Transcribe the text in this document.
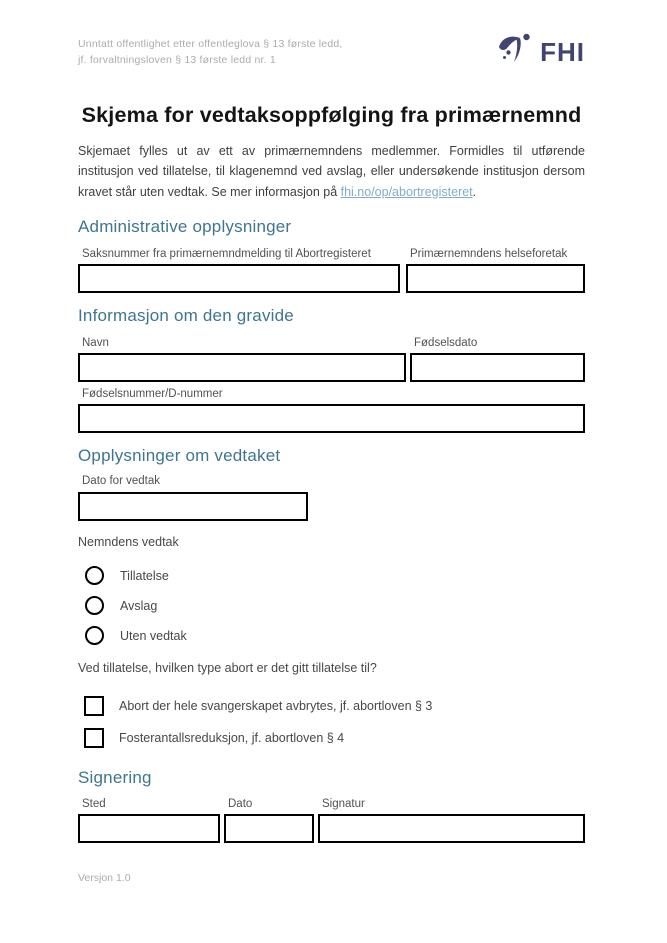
Unntatt offentlighet etter offentleglova § 13 første ledd,
jf. forvaltningsloven § 13 første ledd nr. 1	FHI
Skjema for vedtaksoppfølging fra primærnemnd

Skjemaet fylles ut av ett av primærnemndens medlemmer. Formidles til utførende institusjon ved tillatelse, til klagenemnd ved avslag, eller undersøkende institusjon dersom kravet står uten vedtak. Se mer informasjon på fhi.no/op/abortregisteret.

Administrative opplysninger
Saksnummer fra primærnemndmelding til Abortregisteret	Primærnemndens helseforetak
Informasjon om den gravide
Navn	Fødselsdato
Fødselsnummer/D-nummer
Opplysninger om vedtaket
Dato for vedtak
Nemndens vedtak
Tillatelse
Avslag
Uten vedtak
Ved tillatelse, hvilken type abort er det gitt tillatelse til?
Abort der hele svangerskapet avbrytes, jf. abortloven § 3
Fosterantallsreduksjon, jf. abortloven § 4
Signering
Sted	Dato	Signatur
Versjon 1.0
